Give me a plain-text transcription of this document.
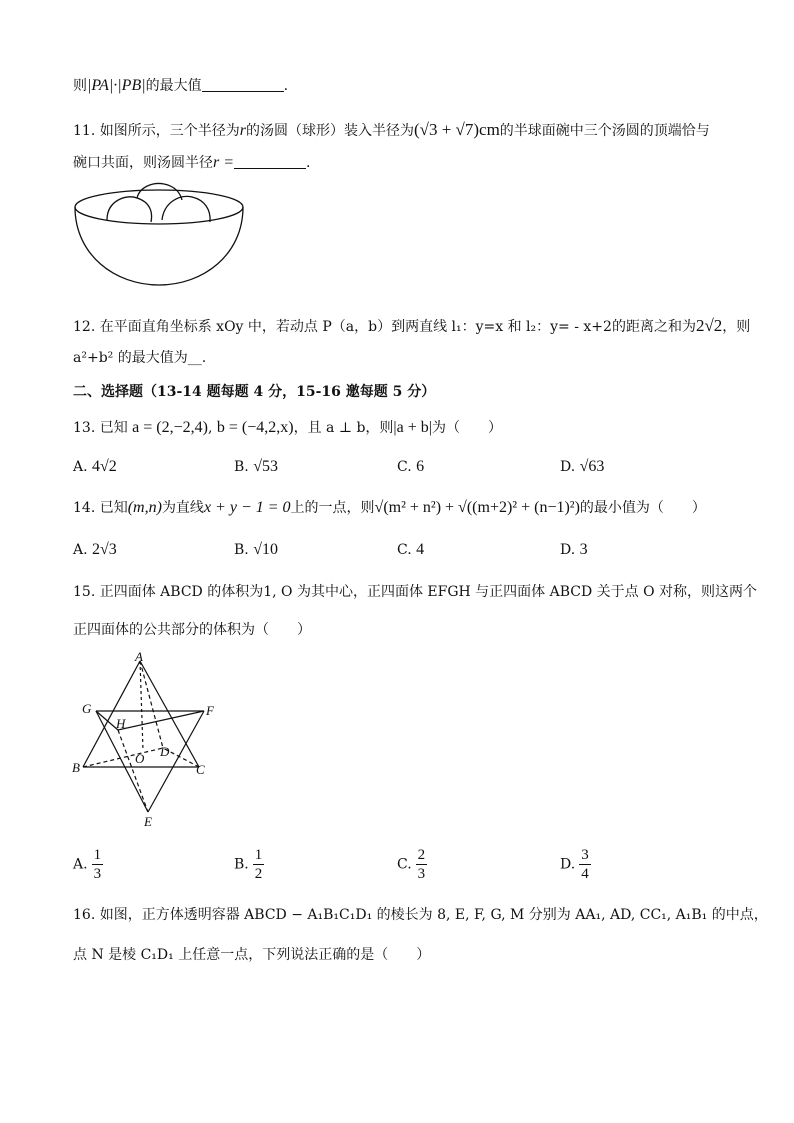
则|PA|·|PB|的最大值	.
11. 如图所示，三个半径为r的汤圆（球形）装入半径为(√3 + √7)cm的半球面碗中三个汤圆的顶端恰与
碗口共面，则汤圆半径r =	.
12. 在平面直角坐标系 xOy 中，若动点 P（a，b）到两直线 l₁：y=x 和 l₂：y= - x+2的距离之和为2√2，则
a²+b² 的最大值为__.
二、选择题（13-14 题每题 4 分，15-16 邀每题 5 分）
13. 已知 a = (2,−2,4), b = (−4,2,x)，且 a ⊥ b，则|a + b|为（　　）
A. 4√2	B. √53	C. 6	D. √63
14. 已知(m,n)为直线x + y − 1 = 0上的一点，则√(m² + n²) + √((m+2)² + (n−1)²)的最小值为（　　）
A. 2√3	B. √10	C. 4	D. 3
15. 正四面体 ABCD 的体积为1, O 为其中心，正四面体 EFGH 与正四面体 ABCD 关于点 O 对称，则这两个
正四面体的公共部分的体积为（　　）
A
G	F
H
O D
B	C
E
A. $\frac{1}{3}$	B. $\frac{1}{2}$	C. $\frac{2}{3}$	D. $\frac{3}{4}$
16. 如图，正方体透明容器 ABCD − A₁B₁C₁D₁ 的棱长为 8, E, F, G, M 分别为 AA₁, AD, CC₁, A₁B₁ 的中点，
点 N 是棱 C₁D₁ 上任意一点，下列说法正确的是（　　）
